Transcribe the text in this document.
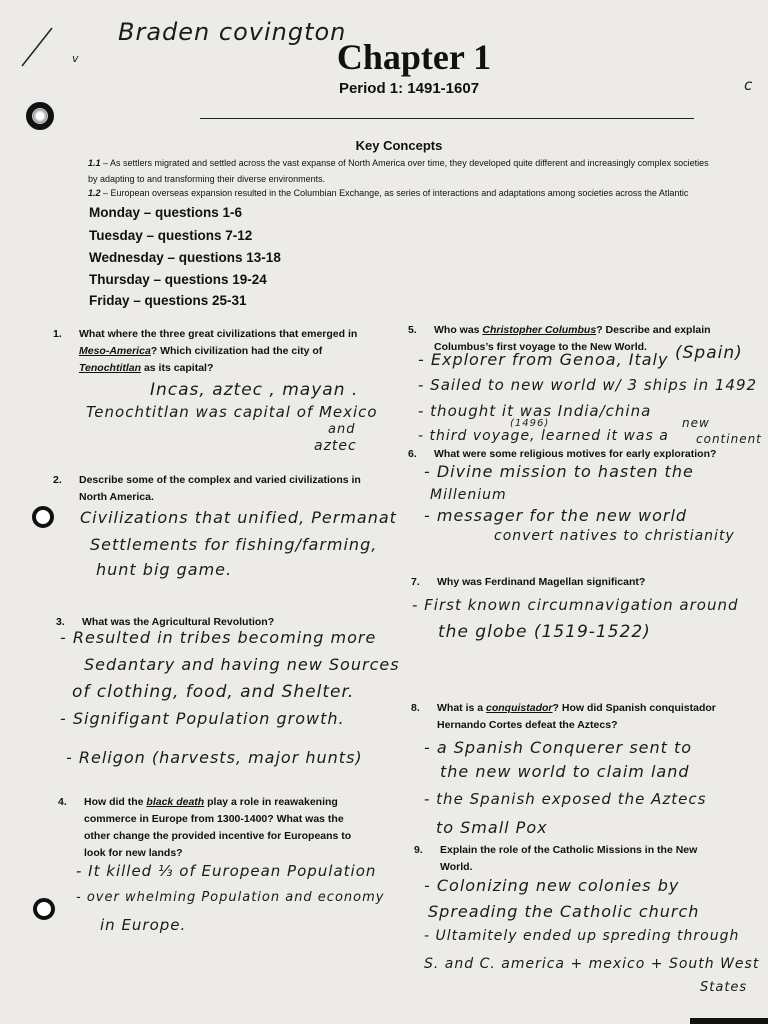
Braden covington
v
c
Chapter 1
Period 1: 1491-1607
Key Concepts
1.1 – As settlers migrated and settled across the vast expanse of North America over time, they developed quite different and increasingly complex societies
by adapting to and transforming their diverse environments.
1.2 – European overseas expansion resulted in the Columbian Exchange, as series of interactions and adaptations among societies across the Atlantic
Monday – questions 1-6
Tuesday – questions 7-12
Wednesday – questions 13-18
Thursday – questions 19-24
Friday – questions 25-31
1. What where the three great civilizations that emerged in
Meso-America? Which civilization had the city of
Tenochtitlan as its capital?
Incas, aztec , mayan .
Tenochtitlan was capital of Mexico
and
aztec
2. Describe some of the complex and varied civilizations in
North America.
Civilizations that unified, Permanat
Settlements for fishing/farming,
hunt big game.
3. What was the Agricultural Revolution?
- Resulted in tribes becoming more
Sedantary and having new Sources
of clothing, food, and Shelter.
- Signifigant Population growth.
- Religon (harvests, major hunts)
4. How did the black death play a role in reawakening
commerce in Europe from 1300-1400? What was the
other change the provided incentive for Europeans to
look for new lands?
- It killed ⅓ of European Population
- over whelming Population and economy
in Europe.
5. Who was Christopher Columbus? Describe and explain
Columbus’s first voyage to the New World.
- Explorer from Genoa, Italy (Spain)
- Sailed to new world w/ 3 ships in 1492
- thought it was India/china
(1496)
- third voyage, learned it was a
new
continent
6. What were some religious motives for early exploration?
- Divine mission to hasten the
Millenium
- messager for the new world
convert natives to christianity
7. Why was Ferdinand Magellan significant?
- First known circumnavigation around
the globe (1519-1522)
8. What is a conquistador? How did Spanish conquistador
Hernando Cortes defeat the Aztecs?
- a Spanish Conquerer sent to
the new world to claim land
- the Spanish exposed the Aztecs
to Small Pox
9. Explain the role of the Catholic Missions in the New
World.
- Colonizing new colonies by
Spreading the Catholic church
- Ultamitely ended up spreding through
S. and C. america + mexico + South West
States
